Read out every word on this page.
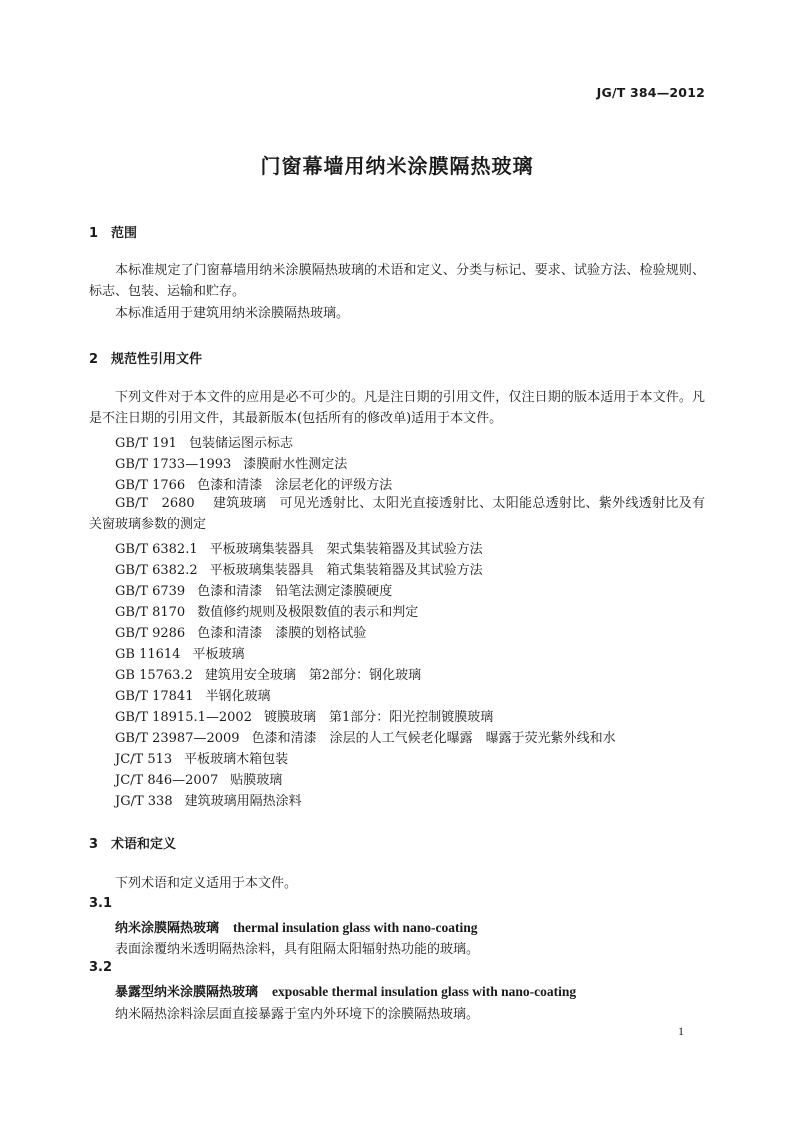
JG/T 384—2012
门窗幕墙用纳米涂膜隔热玻璃
1 范围

本标准规定了门窗幕墙用纳米涂膜隔热玻璃的术语和定义、分类与标记、要求、试验方法、检验规则、标志、包装、运输和贮存。

本标准适用于建筑用纳米涂膜隔热玻璃。

2 规范性引用文件

下列文件对于本文件的应用是必不可少的。凡是注日期的引用文件，仅注日期的版本适用于本文件。凡是不注日期的引用文件，其最新版本(包括所有的修改单)适用于本文件。

GB/T 191 包装储运图示标志
GB/T 1733—1993 漆膜耐水性测定法
GB/T 1766 色漆和清漆　涂层老化的评级方法

GB/T　2680 建筑玻璃　可见光透射比、太阳光直接透射比、太阳能总透射比、紫外线透射比及有关窗玻璃参数的测定

GB/T 6382.1 平板玻璃集装器具　架式集装箱器及其试验方法
GB/T 6382.2 平板玻璃集装器具　箱式集装箱器及其试验方法
GB/T 6739 色漆和清漆　铅笔法测定漆膜硬度
GB/T 8170 数值修约规则及极限数值的表示和判定
GB/T 9286 色漆和清漆　漆膜的划格试验
GB 11614 平板玻璃
GB 15763.2 建筑用安全玻璃　第2部分：钢化玻璃
GB/T 17841 半钢化玻璃
GB/T 18915.1—2002 镀膜玻璃　第1部分：阳光控制镀膜玻璃
GB/T 23987—2009 色漆和清漆　涂层的人工气候老化曝露　曝露于荧光紫外线和水
JC/T 513 平板玻璃木箱包装
JC/T 846—2007 贴膜玻璃
JG/T 338 建筑玻璃用隔热涂料
3 术语和定义

下列术语和定义适用于本文件。

3.1
纳米涂膜隔热玻璃 thermal insulation glass with nano-coating
表面涂覆纳米透明隔热涂料，具有阻隔太阳辐射热功能的玻璃。
3.2
暴露型纳米涂膜隔热玻璃 exposable thermal insulation glass with nano-coating
纳米隔热涂料涂层面直接暴露于室内外环境下的涂膜隔热玻璃。
1
